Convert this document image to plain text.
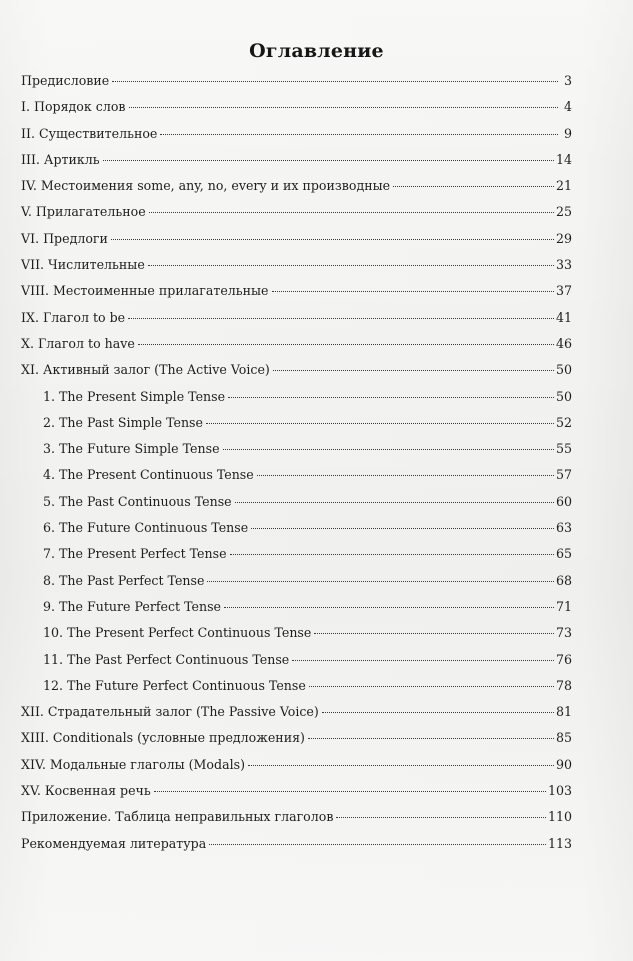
Оглавление
Предисловие	3
I. Порядок слов	4
II. Существительное	9
III. Артикль	14
IV. Местоимения some, any, no, every и их производные	21
V. Прилагательное	25
VI. Предлоги	29
VII. Числительные	33
VIII. Местоименные прилагательные	37
IX. Глагол to be	41
X. Глагол to have	46
XI. Активный залог (The Active Voice)	50
1. The Present Simple Tense	50
2. The Past Simple Tense	52
3. The Future Simple Tense	55
4. The Present Continuous Tense	57
5. The Past Continuous Tense	60
6. The Future Continuous Tense	63
7. The Present Perfect Tense	65
8. The Past Perfect Tense	68
9. The Future Perfect Tense	71
10. The Present Perfect Continuous Tense	73
11. The Past Perfect Continuous Tense	76
12. The Future Perfect Continuous Tense	78
XII. Страдательный залог (The Passive Voice)	81
XIII. Conditionals (условные предложения)	85
XIV. Модальные глаголы (Modals)	90
XV. Косвенная речь	103
Приложение. Таблица неправильных глаголов	110
Рекомендуемая литература	113
